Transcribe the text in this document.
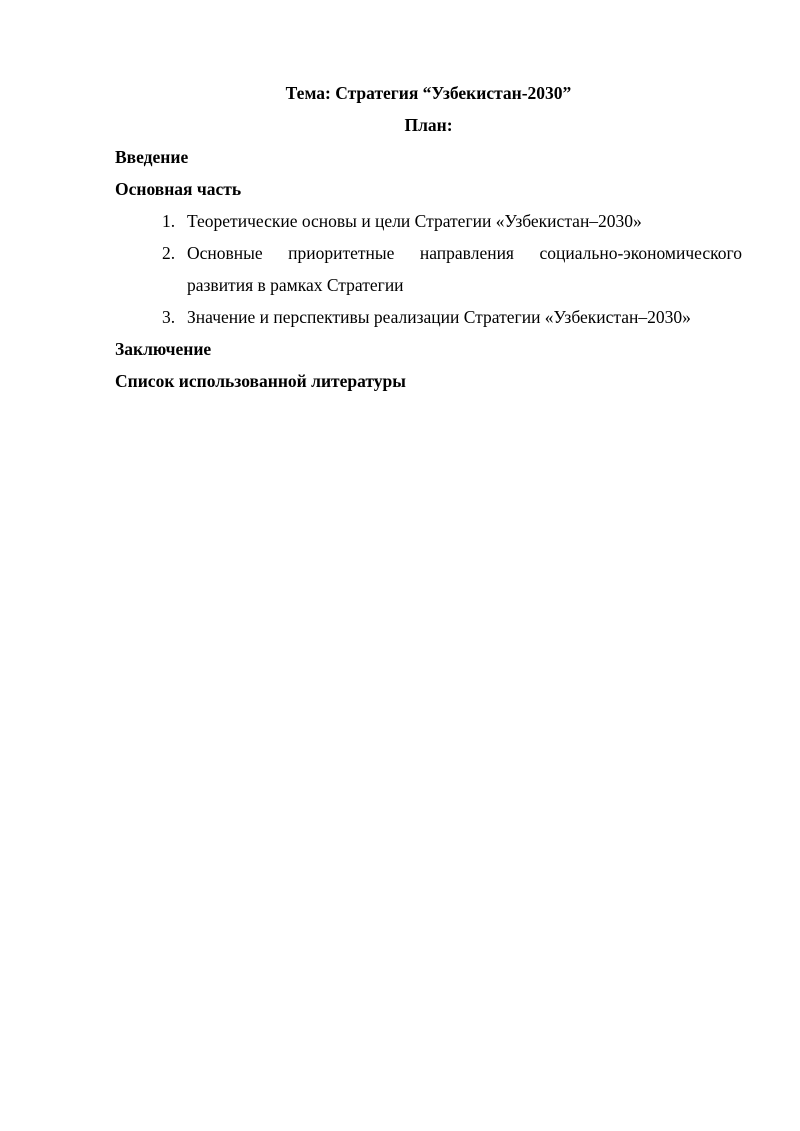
Тема: Стратегия “Узбекистан-2030”

План:

Введение

Основная часть

1. Теоретические основы и цели Стратегии «Узбекистан–2030»
2. Основные приоритетные направления социально-экономического
развития в рамках Стратегии
3. Значение и перспективы реализации Стратегии «Узбекистан–2030»

Заключение

Список использованной литературы
